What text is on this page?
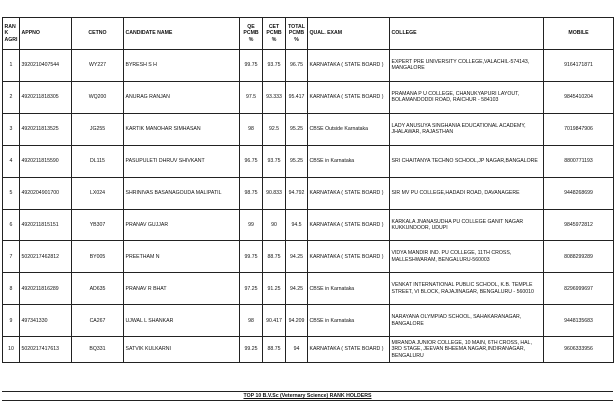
RANK AGRI	APPNO	CETNO	CANDIDATE NAME	QE PCMB %	CET PCMB %	TOTAL PCMB %	QUAL. EXAM	COLLEGE	MOBILE
1	3920210407544	WY227	BYRESH S H	99.75	93.75	96.75	KARNATAKA ( STATE BOARD )	EXPERT PRE UNIVERSITY COLLEGE,VALACHIL-574143, MANGALORE	9164171871
2	4920211818305	WQ200	ANURAG RANJAN	97.5	93.333	95.417	KARNATAKA ( STATE BOARD )	PRAMANA P U COLLEGE, CHANUKYAPURI LAYOUT, BOLAMANDODDI ROAD, RAICHUR - 584103	9845410204
3	4920211813525	JG255	KARTIK MANOHAR SIMHASAN	98	92.5	95.25	CBSE Outside Karnataka	LADY ANUSUYA SINGHANIA EDUCATIONAL ACADEMY, JHALAWAR, RAJASTHAN	7019847906
4	4920211815590	DL115	PASUPULETI DHRUV SHIVKANT	96.75	93.75	95.25	CBSE in Karnataka	SRI CHAITANYA TECHNO SCHOOL,JP NAGAR,BANGALORE	8800771193
5	4920204901700	LX024	SHRINIVAS BASANAGOUDA MALIPATIL	98.75	90.833	94.792	KARNATAKA ( STATE BOARD )	SIR MV PU COLLEGE,HADADI ROAD, DAVANAGERE	9448268699
6	4920211815151	YB307	PRANAV GUJJAR	99	90	94.5	KARNATAKA ( STATE BOARD )	KARKALA JNANASUDHA PU COLLEGE GANIT NAGAR KUKKUNDOOR, UDUPI	9845972812
7	5020217462812	BY005	PREETHAM N	99.75	88.75	94.25	KARNATAKA ( STATE BOARD )	VIDYA MANDIR IND. PU COLLEGE, 11TH CROSS, MALLESHWARAM, BENGALURU-560003	8088299289
8	4920211816289	AD635	PRANAV R BHAT	97.25	91.25	94.25	CBSE in Karnataka	VENKAT INTERNATIONAL PUBLIC SCHOOL, K.B. TEMPLE STREET, VI BLOCK, RAJAJINAGAR, BENGALURU - 560010	8296999697
9	497341330	CA267	UJWAL L SHANKAR	98	90.417	94.209	CBSE in Karnataka	NARAYANA OLYMPIAD SCHOOL, SAHAKARANAGAR, BANGALORE	9448135683
10	5020217417613	BQ331	SATVIK KULKARNI	99.25	88.75	94	KARNATAKA ( STATE BOARD )	MIRANDA JUNIOR COLLEGE, 10 MAIN, 6TH CROSS, HAL, 3RD STAGE, JEEVAN BHEEMA NAGAR,INDIRANAGAR, BENGALURU	9606333956
TOP 10 B.V.Sc (Veternary Science) RANK HOLDERS
